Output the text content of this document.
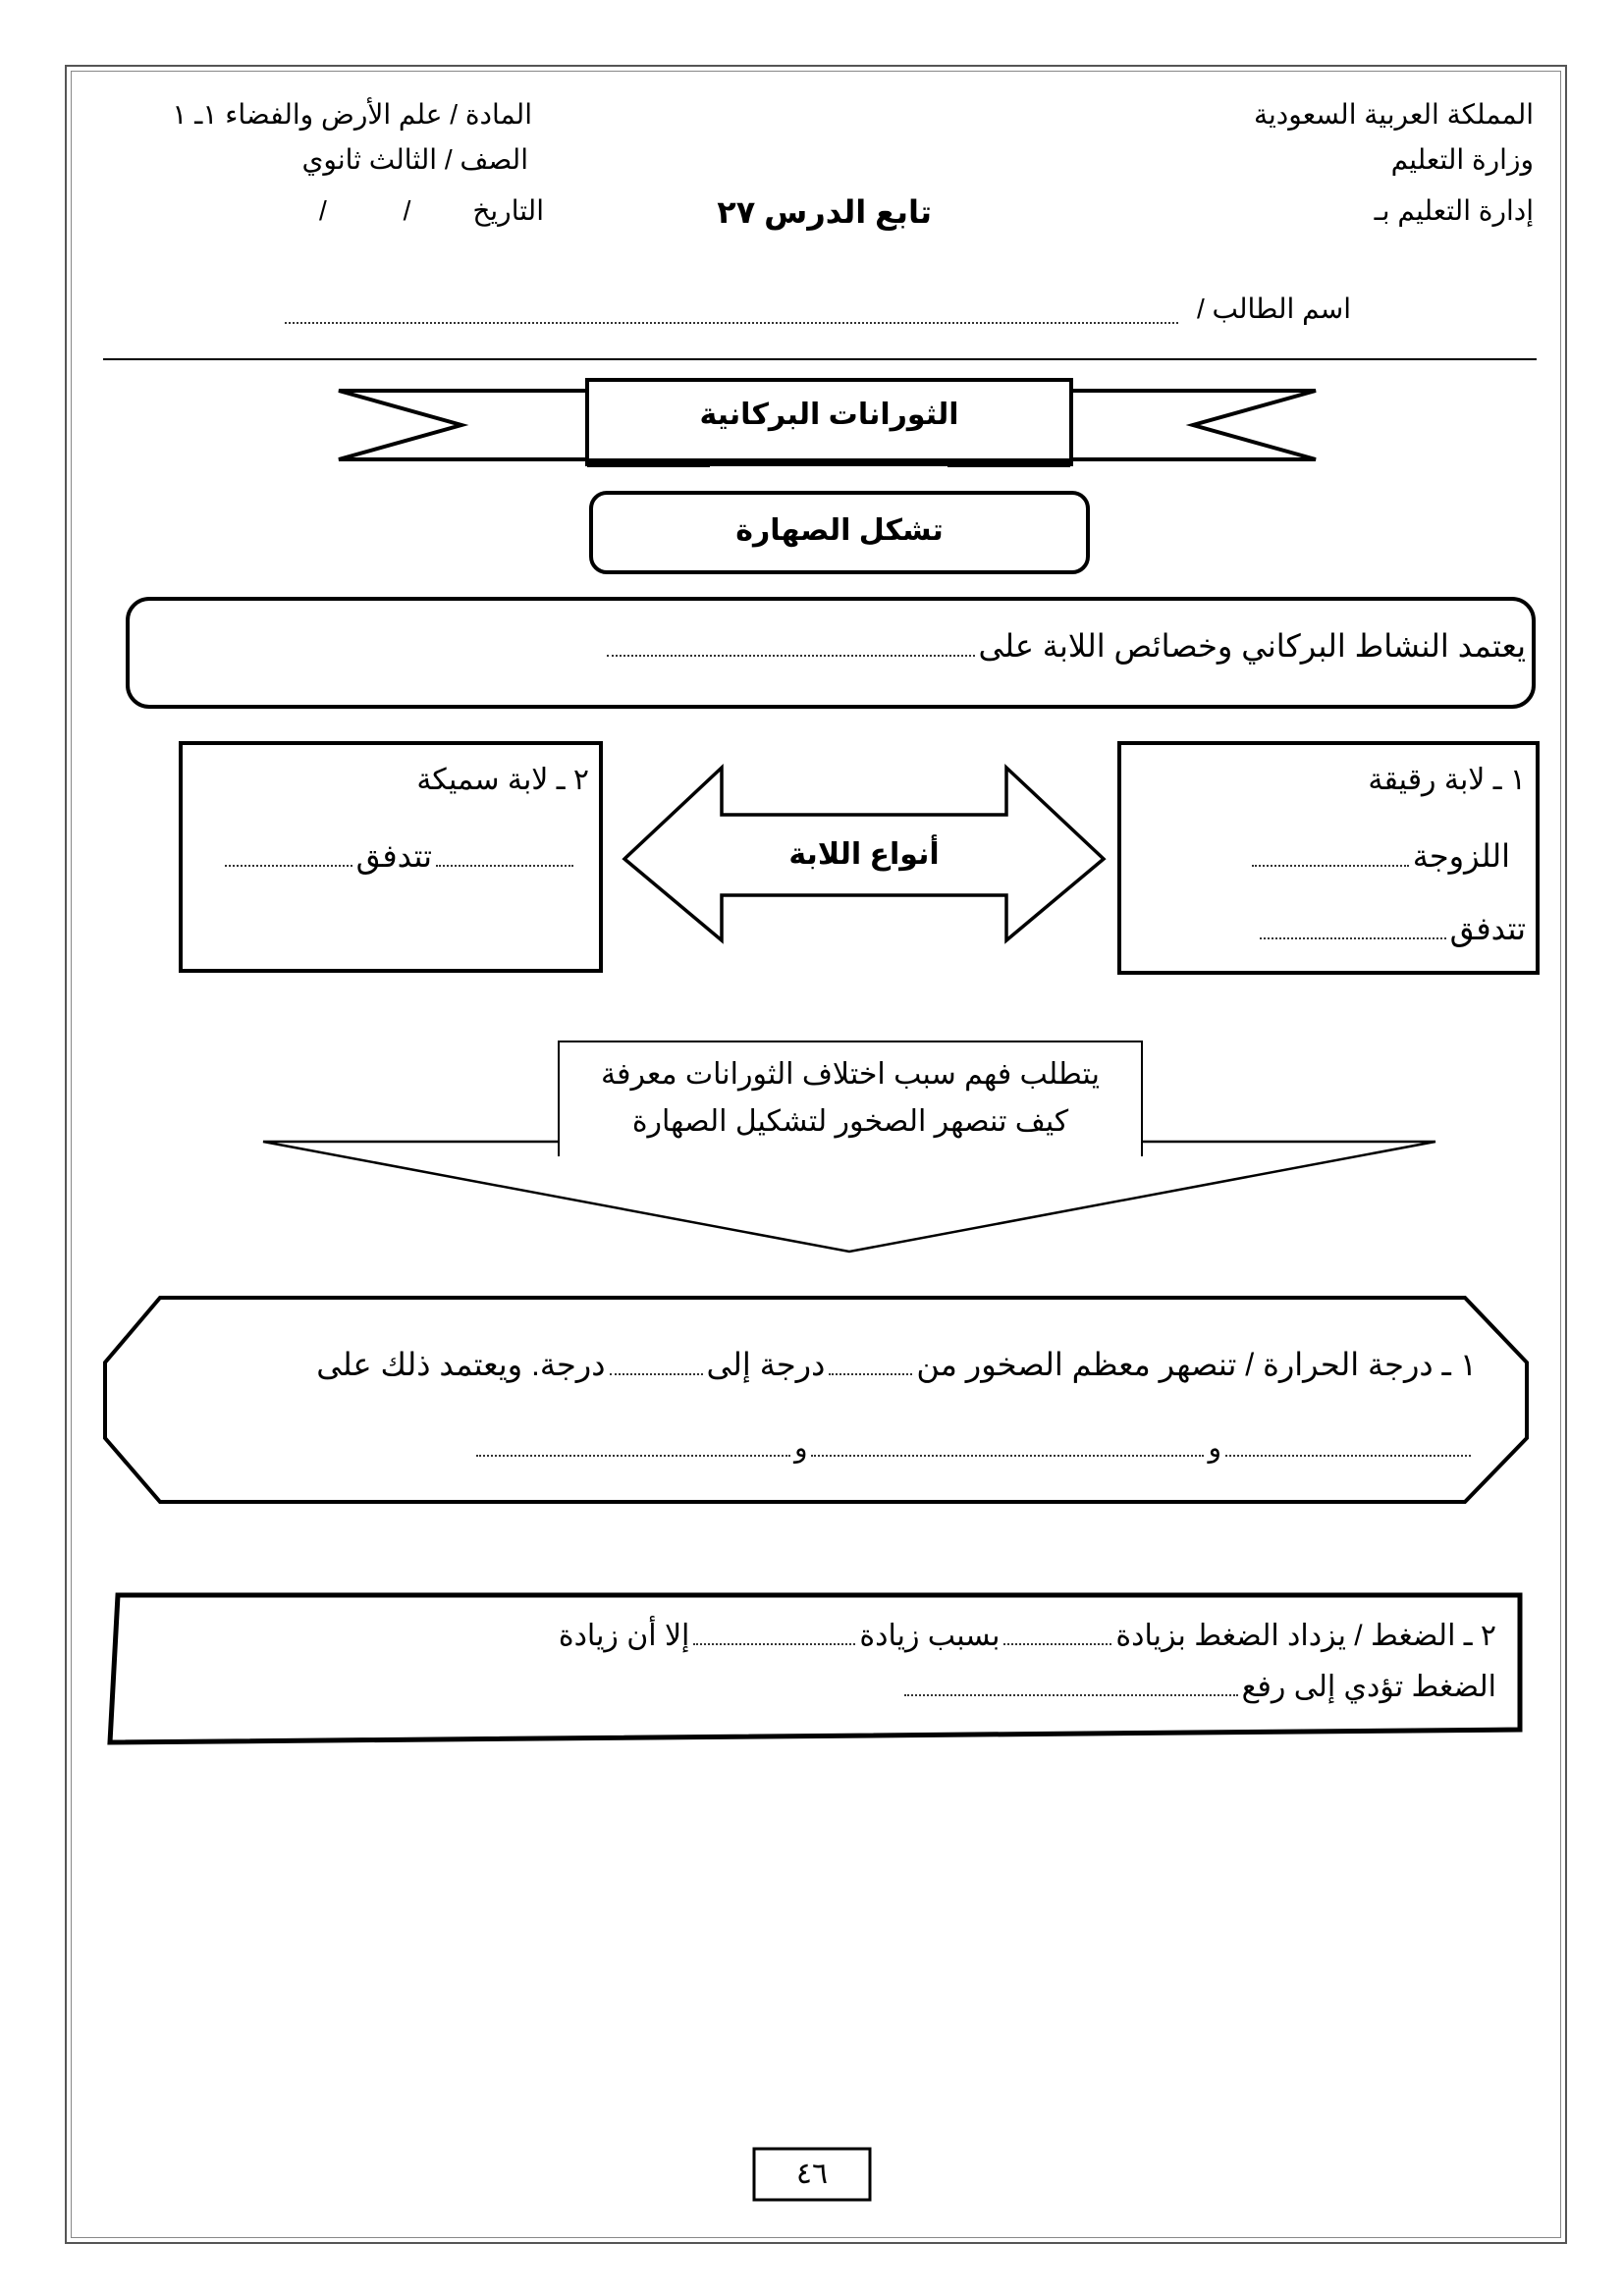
المملكة العربية السعودية
وزارة التعليم
إدارة التعليم بـ
المادة / علم الأرض والفضاء ١ـ ١
الصف / الثالث ثانوي
التاريخ
/          /	تابع الدرس ٢٧
اسم الطالب /
الثورانات البركانية
تشكل الصهارة
يعتمد النشاط البركاني وخصائص اللابة على
١ ـ لابة رقيقة
اللزوجة
تتدفق
٢ ـ لابة سميكة
تتدفق	أنواع اللابة
يتطلب فهم سبب اختلاف الثورانات معرفة
كيف تنصهر الصخور لتشكيل الصهارة
١ ـ درجة الحرارة / تنصهر معظم الصخور مندرجة إلىدرجة. ويعتمد ذلك على
وو
٢ ـ الضغط / يزداد الضغط بزيادةبسبب زيادةإلا أن زيادة
الضغط تؤدي إلى رفع
٤٦
